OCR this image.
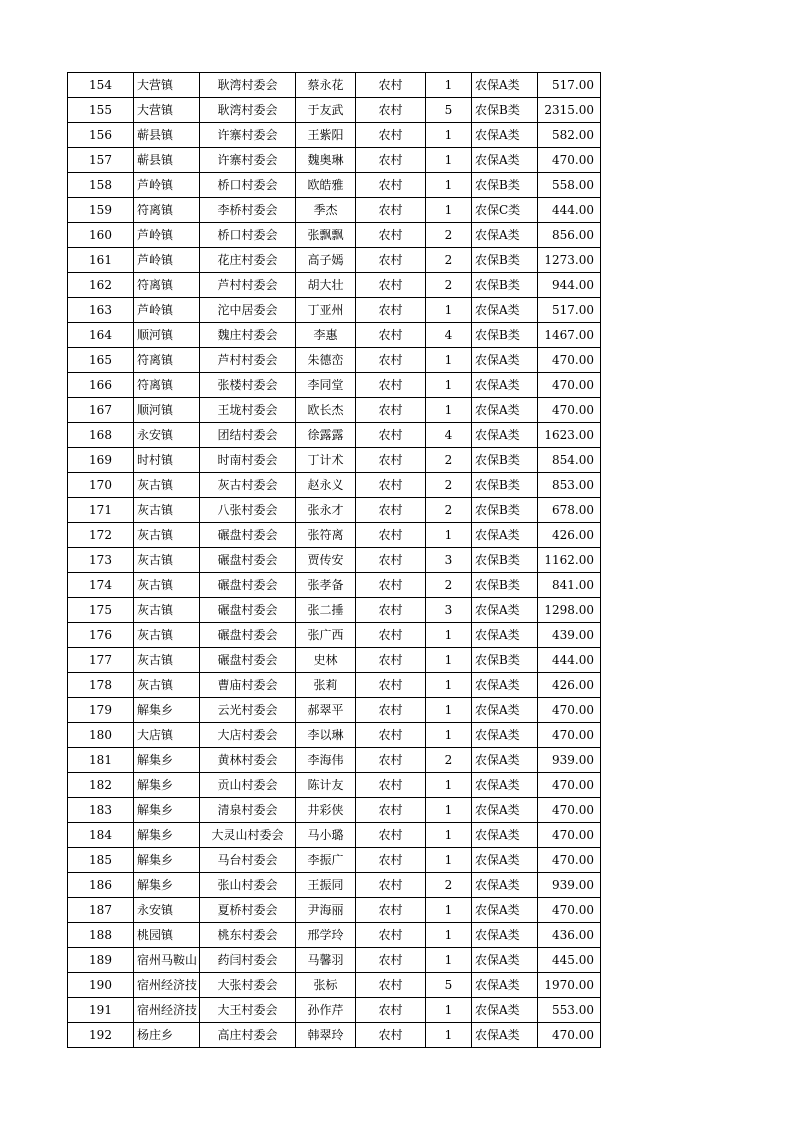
154	大营镇	耿湾村委会	蔡永花	农村	1	农保A类	517.00
155	大营镇	耿湾村委会	于友武	农村	5	农保B类	2315.00
156	蕲县镇	许寨村委会	王紫阳	农村	1	农保A类	582.00
157	蕲县镇	许寨村委会	魏奥琳	农村	1	农保A类	470.00
158	芦岭镇	桥口村委会	欧皓雅	农村	1	农保B类	558.00
159	符离镇	李桥村委会	季杰	农村	1	农保C类	444.00
160	芦岭镇	桥口村委会	张飘飘	农村	2	农保A类	856.00
161	芦岭镇	花庄村委会	高子嫣	农村	2	农保B类	1273.00
162	符离镇	芦村村委会	胡大壮	农村	2	农保B类	944.00
163	芦岭镇	沱中居委会	丁亚州	农村	1	农保A类	517.00
164	顺河镇	魏庄村委会	李惠	农村	4	农保B类	1467.00
165	符离镇	芦村村委会	朱德峦	农村	1	农保A类	470.00
166	符离镇	张楼村委会	李同堂	农村	1	农保A类	470.00
167	顺河镇	王垅村委会	欧长杰	农村	1	农保A类	470.00
168	永安镇	团结村委会	徐露露	农村	4	农保A类	1623.00
169	时村镇	时南村委会	丁计术	农村	2	农保B类	854.00
170	灰古镇	灰古村委会	赵永义	农村	2	农保B类	853.00
171	灰古镇	八张村委会	张永才	农村	2	农保B类	678.00
172	灰古镇	碾盘村委会	张符离	农村	1	农保A类	426.00
173	灰古镇	碾盘村委会	贾传安	农村	3	农保B类	1162.00
174	灰古镇	碾盘村委会	张孝备	农村	2	农保B类	841.00
175	灰古镇	碾盘村委会	张二捶	农村	3	农保A类	1298.00
176	灰古镇	碾盘村委会	张广西	农村	1	农保A类	439.00
177	灰古镇	碾盘村委会	史林	农村	1	农保B类	444.00
178	灰古镇	曹庙村委会	张莉	农村	1	农保A类	426.00
179	解集乡	云光村委会	郝翠平	农村	1	农保A类	470.00
180	大店镇	大店村委会	李以琳	农村	1	农保A类	470.00
181	解集乡	黄林村委会	李海伟	农村	2	农保A类	939.00
182	解集乡	贡山村委会	陈计友	农村	1	农保A类	470.00
183	解集乡	清泉村委会	井彩侠	农村	1	农保A类	470.00
184	解集乡	大灵山村委会	马小璐	农村	1	农保A类	470.00
185	解集乡	马台村委会	李振广	农村	1	农保A类	470.00
186	解集乡	张山村委会	王振同	农村	2	农保A类	939.00
187	永安镇	夏桥村委会	尹海丽	农村	1	农保A类	470.00
188	桃园镇	桃东村委会	邢学玲	农村	1	农保A类	436.00
189	宿州马鞍山	药闫村委会	马馨羽	农村	1	农保A类	445.00
190	宿州经济技	大张村委会	张标	农村	5	农保A类	1970.00
191	宿州经济技	大王村委会	孙作芹	农村	1	农保A类	553.00
192	杨庄乡	高庄村委会	韩翠玲	农村	1	农保A类	470.00
